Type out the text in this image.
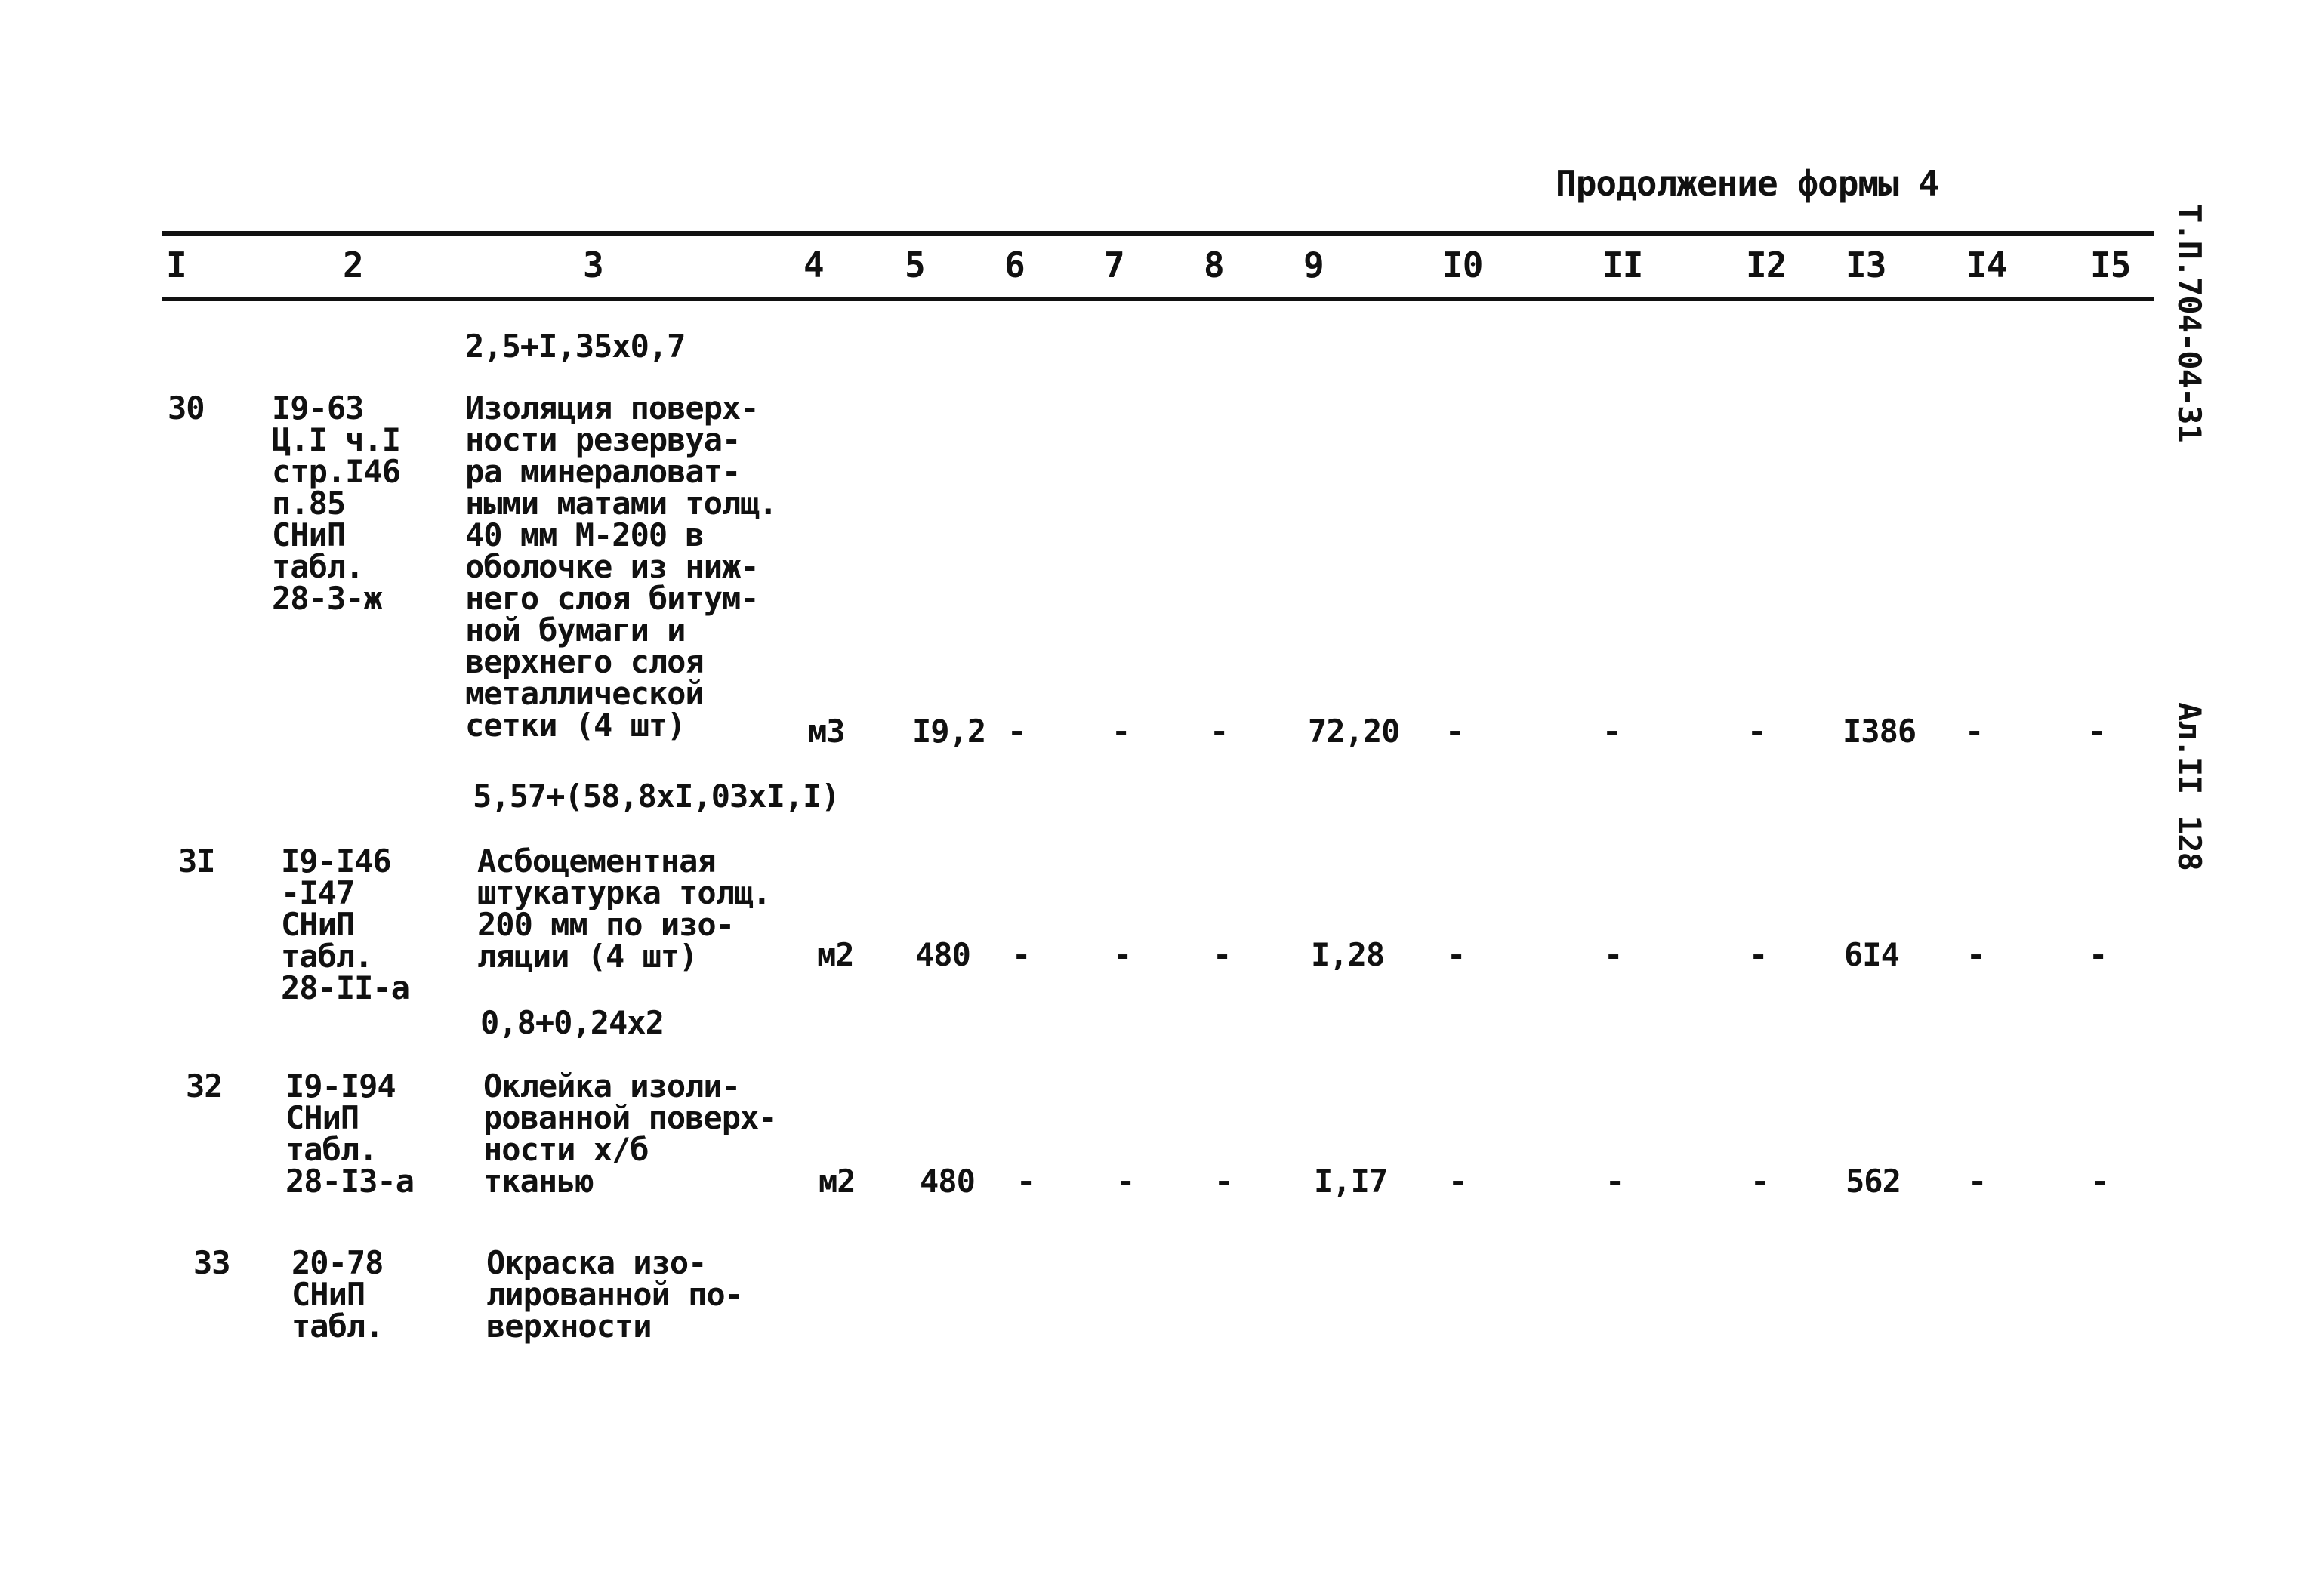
Продолжение формы 4
I	2	3	4 5 6 7 8 9	I0	II	I2 I3 I4 I5
2,5+I,35x0,7
30 I9-63
Ц.I ч.I
стр.I46
п.85
СНиП
табл.
28-3-ж
Изоляция поверх-
ности резервуа-
ра минераловат-
ными матами толщ.
40 мм М-200 в
оболочке из ниж-
него слоя битум-
ной бумаги и
верхнего слоя
металлической
сетки (4 шт)	м3 I9,2 -	-	-	72,20 -	-	- I386 -	-
5,57+(58,8xI,03xI,I)
3I I9-I46
-I47
СНиП
табл.
28-II-а
Асбоцементная
штукатурка толщ.
200 мм по изо-
ляции (4 шт)	м2 480 -	-	-	I,28 -	-	- 6I4 -	-
0,8+0,24x2
32 I9-I94
СНиП
табл.
28-I3-а
Оклейка изоли-
рованной поверх-
ности х/б
тканью	м2 480 -	-	-	I,I7 -	-	- 562 -	-
33 20-78
СНиП
табл.
Окраска изо-
лированной по-
верхности
Т.П.704-04-31
Ал.II
128
